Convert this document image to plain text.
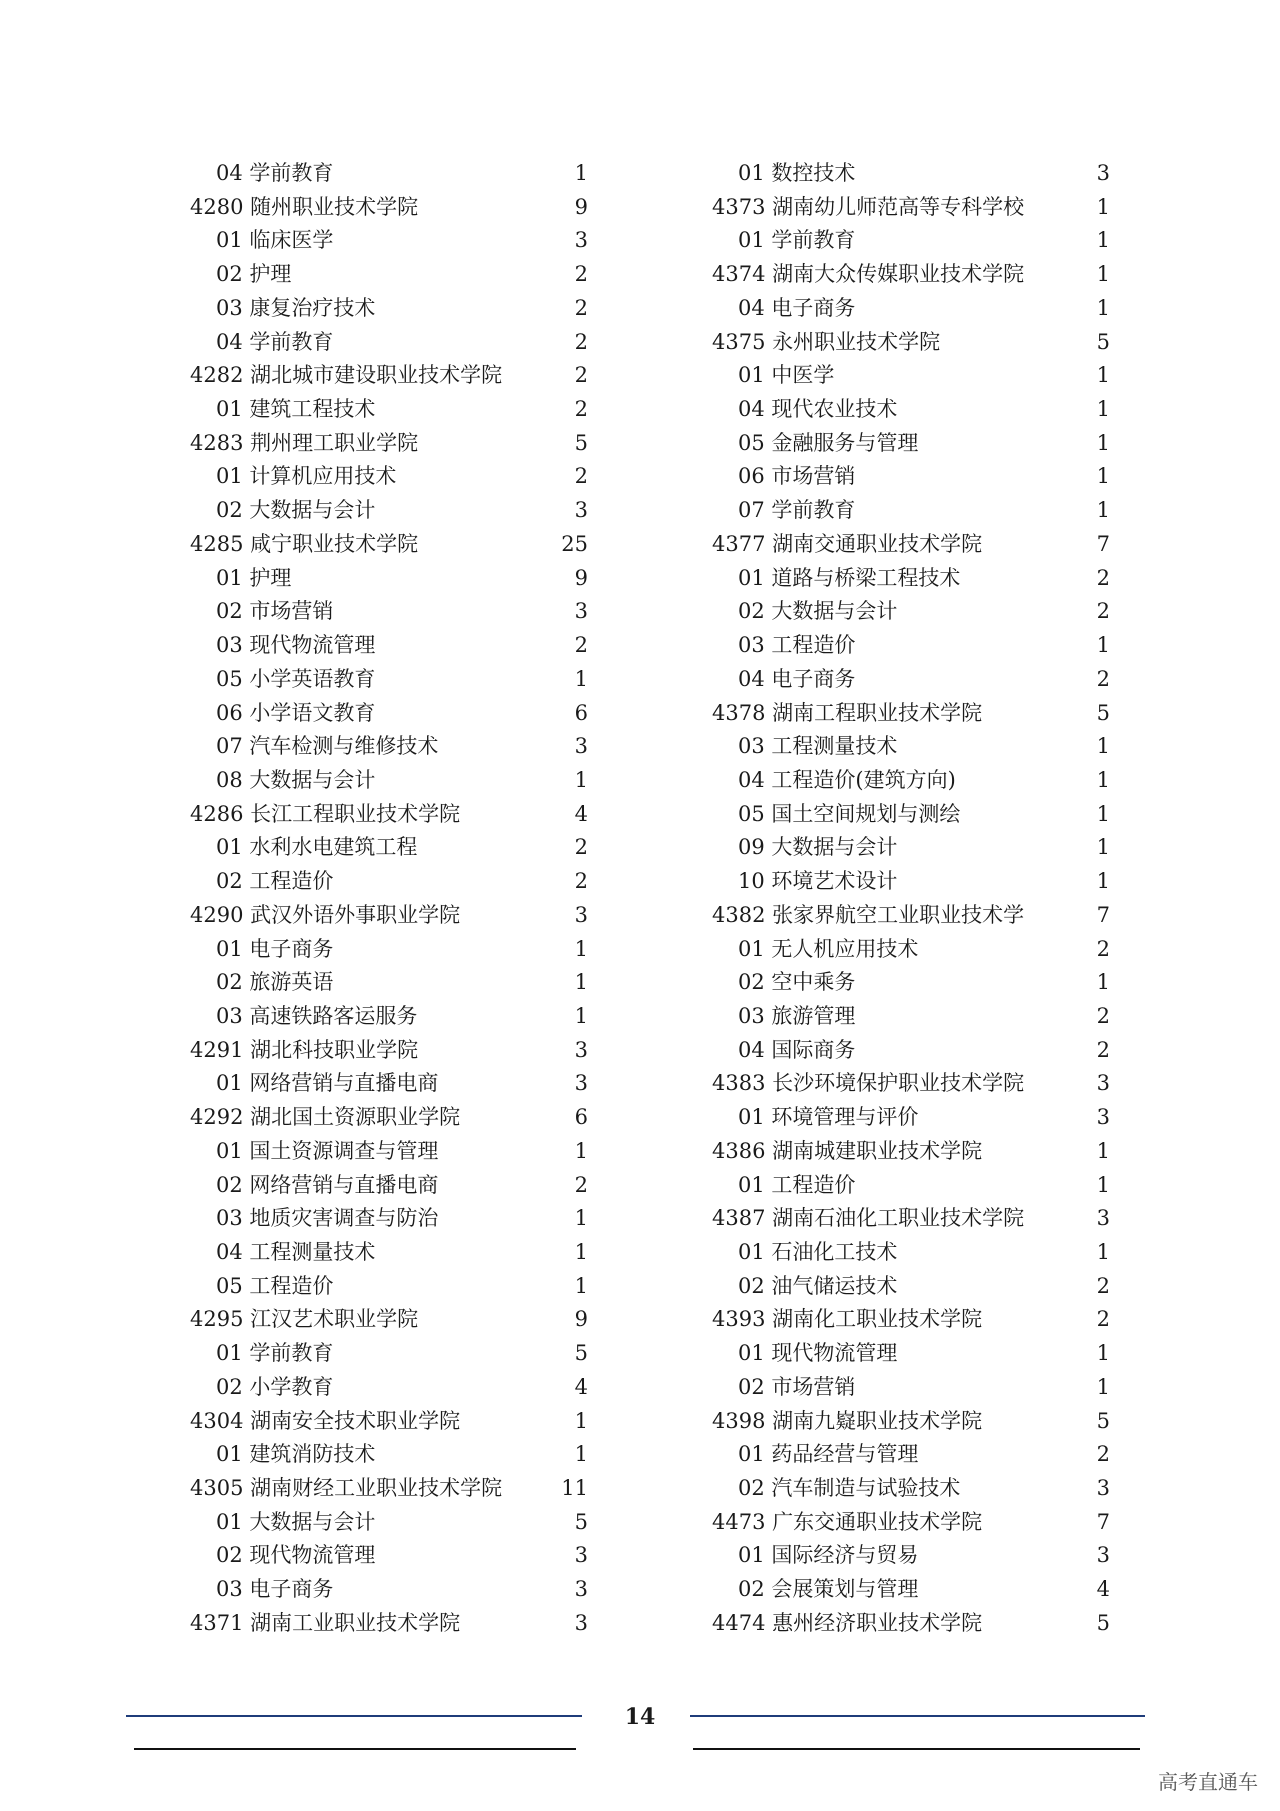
04 学前教育	1
4280 随州职业技术学院	9
01 临床医学	3
02 护理	2
03 康复治疗技术	2
04 学前教育	2
4282 湖北城市建设职业技术学院	2
01 建筑工程技术	2
4283 荆州理工职业学院	5
01 计算机应用技术	2
02 大数据与会计	3
4285 咸宁职业技术学院	25
01 护理	9
02 市场营销	3
03 现代物流管理	2
05 小学英语教育	1
06 小学语文教育	6
07 汽车检测与维修技术	3
08 大数据与会计	1
4286 长江工程职业技术学院	4
01 水利水电建筑工程	2
02 工程造价	2
4290 武汉外语外事职业学院	3
01 电子商务	1
02 旅游英语	1
03 高速铁路客运服务	1
4291 湖北科技职业学院	3
01 网络营销与直播电商	3
4292 湖北国土资源职业学院	6
01 国土资源调查与管理	1
02 网络营销与直播电商	2
03 地质灾害调查与防治	1
04 工程测量技术	1
05 工程造价	1
4295 江汉艺术职业学院	9
01 学前教育	5
02 小学教育	4
4304 湖南安全技术职业学院	1
01 建筑消防技术	1
4305 湖南财经工业职业技术学院	11
01 大数据与会计	5
02 现代物流管理	3
03 电子商务	3
4371 湖南工业职业技术学院	3
01 数控技术	3
4373 湖南幼儿师范高等专科学校	1
01 学前教育	1
4374 湖南大众传媒职业技术学院	1
04 电子商务	1
4375 永州职业技术学院	5
01 中医学	1
04 现代农业技术	1
05 金融服务与管理	1
06 市场营销	1
07 学前教育	1
4377 湖南交通职业技术学院	7
01 道路与桥梁工程技术	2
02 大数据与会计	2
03 工程造价	1
04 电子商务	2
4378 湖南工程职业技术学院	5
03 工程测量技术	1
04 工程造价(建筑方向)	1
05 国土空间规划与测绘	1
09 大数据与会计	1
10 环境艺术设计	1
4382 张家界航空工业职业技术学	7
01 无人机应用技术	2
02 空中乘务	1
03 旅游管理	2
04 国际商务	2
4383 长沙环境保护职业技术学院	3
01 环境管理与评价	3
4386 湖南城建职业技术学院	1
01 工程造价	1
4387 湖南石油化工职业技术学院	3
01 石油化工技术	1
02 油气储运技术	2
4393 湖南化工职业技术学院	2
01 现代物流管理	1
02 市场营销	1
4398 湖南九嶷职业技术学院	5
01 药品经营与管理	2
02 汽车制造与试验技术	3
4473 广东交通职业技术学院	7
01 国际经济与贸易	3
02 会展策划与管理	4
4474 惠州经济职业技术学院	5
14
高考直通车
